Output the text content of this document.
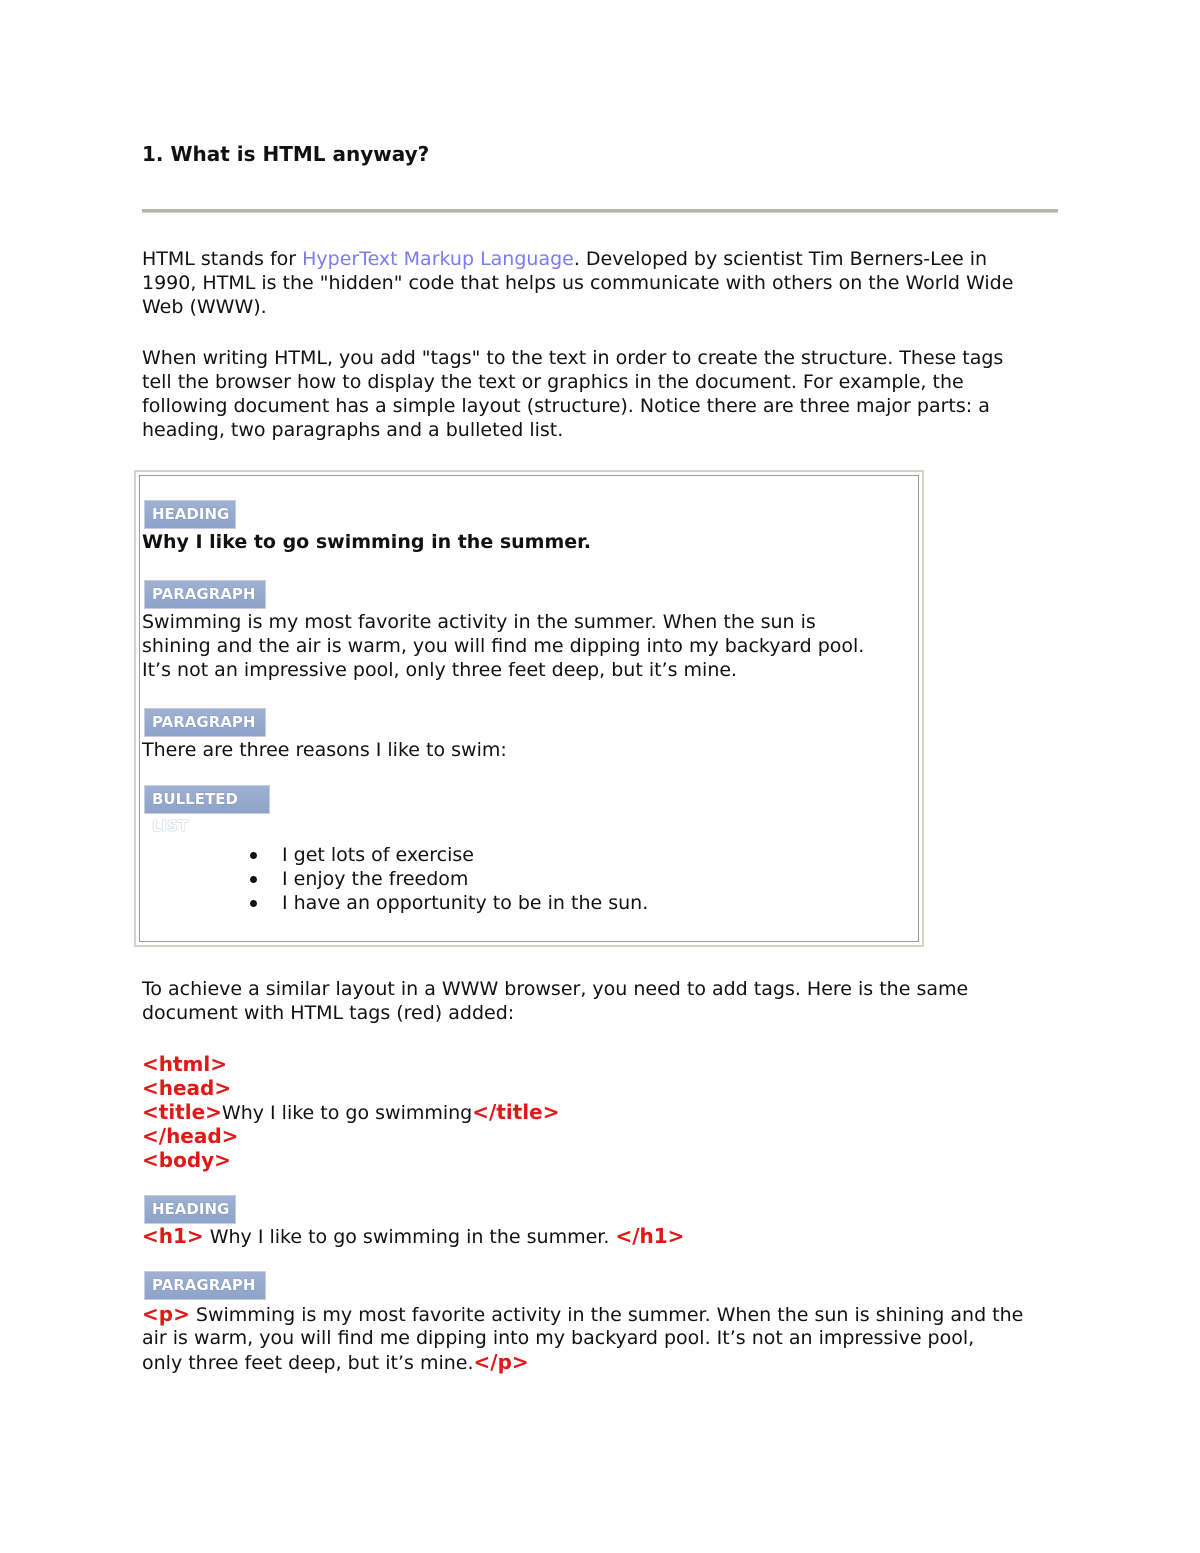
1. What is HTML anyway?
HTML stands for HyperText Markup Language. Developed by scientist Tim Berners-Lee in
1990, HTML is the "hidden" code that helps us communicate with others on the World Wide
Web (WWW).
When writing HTML, you add "tags" to the text in order to create the structure. These tags
tell the browser how to display the text or graphics in the document. For example, the
following document has a simple layout (structure). Notice there are three major parts: a
heading, two paragraphs and a bulleted list.
HEADING
Why I like to go swimming in the summer.
PARAGRAPH
Swimming is my most favorite activity in the summer. When the sun is
shining and the air is warm, you will find me dipping into my backyard pool.
It’s not an impressive pool, only three feet deep, but it’s mine.
PARAGRAPH
There are three reasons I like to swim:
BULLETED LIST
I get lots of exercise
I enjoy the freedom
I have an opportunity to be in the sun.
To achieve a similar layout in a WWW browser, you need to add tags. Here is the same
document with HTML tags (red) added:
<html>
<head>
<title>Why I like to go swimming</title>
</head>
<body>
HEADING
<h1> Why I like to go swimming in the summer. </h1>
PARAGRAPH
<p> Swimming is my most favorite activity in the summer. When the sun is shining and the
air is warm, you will find me dipping into my backyard pool. It’s not an impressive pool,
only three feet deep, but it’s mine.</p>
